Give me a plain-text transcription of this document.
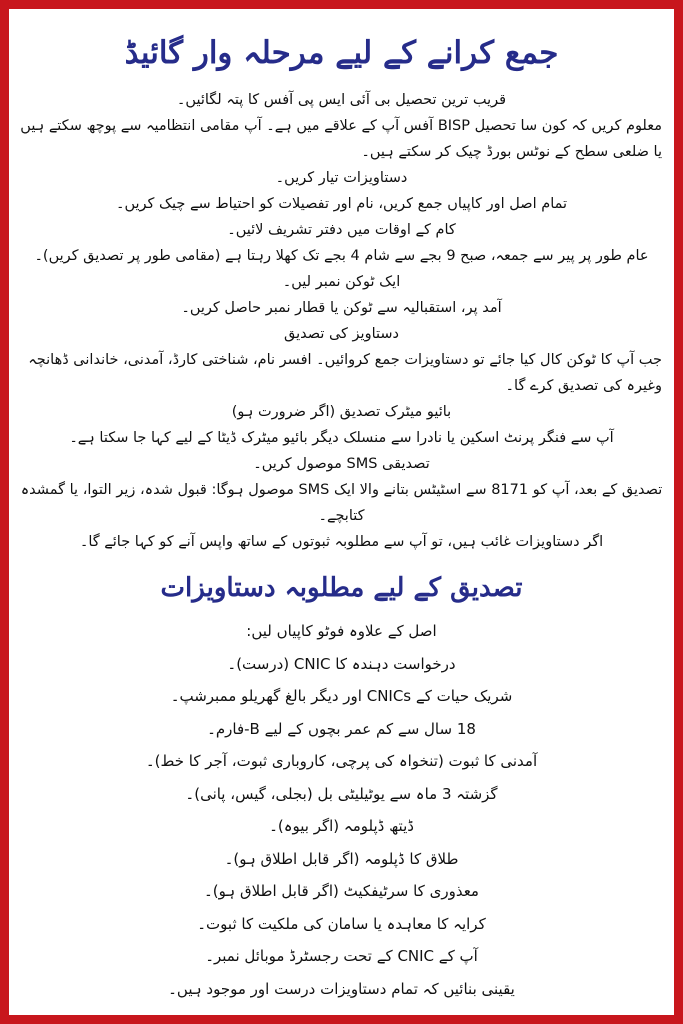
جمع کرانے کے لیے مرحلہ وار گائیڈ
قریب ترین تحصیل بی آئی ایس پی آفس کا پتہ لگائیں۔
معلوم کریں کہ کون سا تحصیل BISP آفس آپ کے علاقے میں ہے۔ آپ مقامی انتظامیہ سے پوچھ سکتے ہیں یا ضلعی سطح کے نوٹس بورڈ چیک کر سکتے ہیں۔
دستاویزات تیار کریں۔
تمام اصل اور کاپیاں جمع کریں، نام اور تفصیلات کو احتیاط سے چیک کریں۔
کام کے اوقات میں دفتر تشریف لائیں۔
عام طور پر پیر سے جمعہ، صبح 9 بجے سے شام 4 بجے تک کھلا رہتا ہے (مقامی طور پر تصدیق کریں)۔
ایک ٹوکن نمبر لیں۔
آمد پر، استقبالیہ سے ٹوکن یا قطار نمبر حاصل کریں۔
دستاویز کی تصدیق
جب آپ کا ٹوکن کال کیا جائے تو دستاویزات جمع کروائیں۔ افسر نام، شناختی کارڈ، آمدنی، خاندانی ڈھانچہ وغیرہ کی تصدیق کرے گا۔
بائیو میٹرک تصدیق (اگر ضرورت ہو)
آپ سے فنگر پرنٹ اسکین یا نادرا سے منسلک دیگر بائیو میٹرک ڈیٹا کے لیے کہا جا سکتا ہے۔
تصدیقی SMS موصول کریں۔
تصدیق کے بعد، آپ کو 8171 سے اسٹیٹس بتانے والا ایک SMS موصول ہوگا: قبول شدہ، زیر التوا، یا گمشدہ کتابچے۔
اگر دستاویزات غائب ہیں، تو آپ سے مطلوبہ ثبوتوں کے ساتھ واپس آنے کو کہا جائے گا۔
تصدیق کے لیے مطلوبہ دستاویزات
اصل کے علاوہ فوٹو کاپیاں لیں:
درخواست دہندہ کا CNIC (درست)۔
شریک حیات کے CNICs اور دیگر بالغ گھریلو ممبرشپ۔
18 سال سے کم عمر بچوں کے لیے B-فارم۔
آمدنی کا ثبوت (تنخواہ کی پرچی، کاروباری ثبوت، آجر کا خط)۔
گزشتہ 3 ماہ سے یوٹیلیٹی بل (بجلی، گیس، پانی)۔
ڈیتھ ڈپلومہ (اگر بیوہ)۔
طلاق کا ڈپلومہ (اگر قابل اطلاق ہو)۔
معذوری کا سرٹیفکیٹ (اگر قابل اطلاق ہو)۔
کرایہ کا معاہدہ یا سامان کی ملکیت کا ثبوت۔
آپ کے CNIC کے تحت رجسٹرڈ موبائل نمبر۔
یقینی بنائیں کہ تمام دستاویزات درست اور موجود ہیں۔
